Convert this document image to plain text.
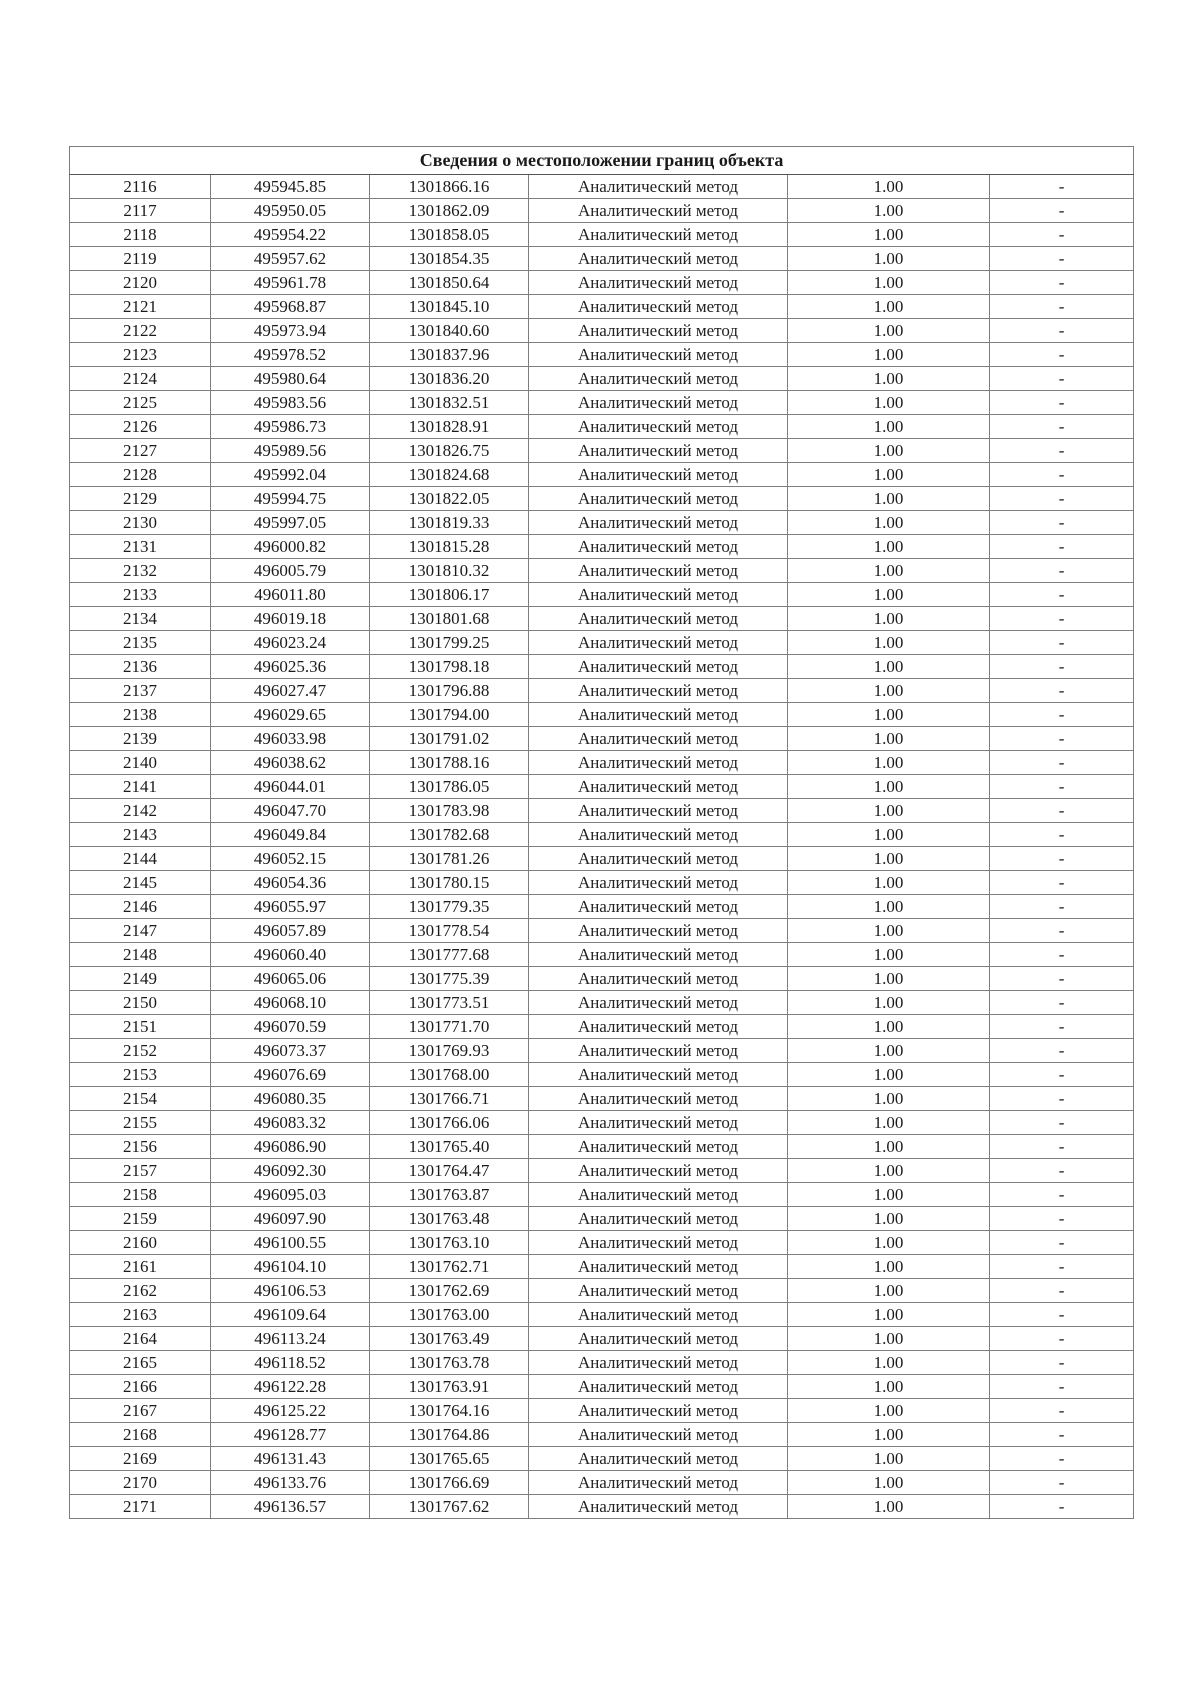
Сведения о местоположении границ объекта					
2116	495945.85	1301866.16	Аналитический метод	1.00	-
2117	495950.05	1301862.09	Аналитический метод	1.00	-
2118	495954.22	1301858.05	Аналитический метод	1.00	-
2119	495957.62	1301854.35	Аналитический метод	1.00	-
2120	495961.78	1301850.64	Аналитический метод	1.00	-
2121	495968.87	1301845.10	Аналитический метод	1.00	-
2122	495973.94	1301840.60	Аналитический метод	1.00	-
2123	495978.52	1301837.96	Аналитический метод	1.00	-
2124	495980.64	1301836.20	Аналитический метод	1.00	-
2125	495983.56	1301832.51	Аналитический метод	1.00	-
2126	495986.73	1301828.91	Аналитический метод	1.00	-
2127	495989.56	1301826.75	Аналитический метод	1.00	-
2128	495992.04	1301824.68	Аналитический метод	1.00	-
2129	495994.75	1301822.05	Аналитический метод	1.00	-
2130	495997.05	1301819.33	Аналитический метод	1.00	-
2131	496000.82	1301815.28	Аналитический метод	1.00	-
2132	496005.79	1301810.32	Аналитический метод	1.00	-
2133	496011.80	1301806.17	Аналитический метод	1.00	-
2134	496019.18	1301801.68	Аналитический метод	1.00	-
2135	496023.24	1301799.25	Аналитический метод	1.00	-
2136	496025.36	1301798.18	Аналитический метод	1.00	-
2137	496027.47	1301796.88	Аналитический метод	1.00	-
2138	496029.65	1301794.00	Аналитический метод	1.00	-
2139	496033.98	1301791.02	Аналитический метод	1.00	-
2140	496038.62	1301788.16	Аналитический метод	1.00	-
2141	496044.01	1301786.05	Аналитический метод	1.00	-
2142	496047.70	1301783.98	Аналитический метод	1.00	-
2143	496049.84	1301782.68	Аналитический метод	1.00	-
2144	496052.15	1301781.26	Аналитический метод	1.00	-
2145	496054.36	1301780.15	Аналитический метод	1.00	-
2146	496055.97	1301779.35	Аналитический метод	1.00	-
2147	496057.89	1301778.54	Аналитический метод	1.00	-
2148	496060.40	1301777.68	Аналитический метод	1.00	-
2149	496065.06	1301775.39	Аналитический метод	1.00	-
2150	496068.10	1301773.51	Аналитический метод	1.00	-
2151	496070.59	1301771.70	Аналитический метод	1.00	-
2152	496073.37	1301769.93	Аналитический метод	1.00	-
2153	496076.69	1301768.00	Аналитический метод	1.00	-
2154	496080.35	1301766.71	Аналитический метод	1.00	-
2155	496083.32	1301766.06	Аналитический метод	1.00	-
2156	496086.90	1301765.40	Аналитический метод	1.00	-
2157	496092.30	1301764.47	Аналитический метод	1.00	-
2158	496095.03	1301763.87	Аналитический метод	1.00	-
2159	496097.90	1301763.48	Аналитический метод	1.00	-
2160	496100.55	1301763.10	Аналитический метод	1.00	-
2161	496104.10	1301762.71	Аналитический метод	1.00	-
2162	496106.53	1301762.69	Аналитический метод	1.00	-
2163	496109.64	1301763.00	Аналитический метод	1.00	-
2164	496113.24	1301763.49	Аналитический метод	1.00	-
2165	496118.52	1301763.78	Аналитический метод	1.00	-
2166	496122.28	1301763.91	Аналитический метод	1.00	-
2167	496125.22	1301764.16	Аналитический метод	1.00	-
2168	496128.77	1301764.86	Аналитический метод	1.00	-
2169	496131.43	1301765.65	Аналитический метод	1.00	-
2170	496133.76	1301766.69	Аналитический метод	1.00	-
2171	496136.57	1301767.62	Аналитический метод	1.00	-
